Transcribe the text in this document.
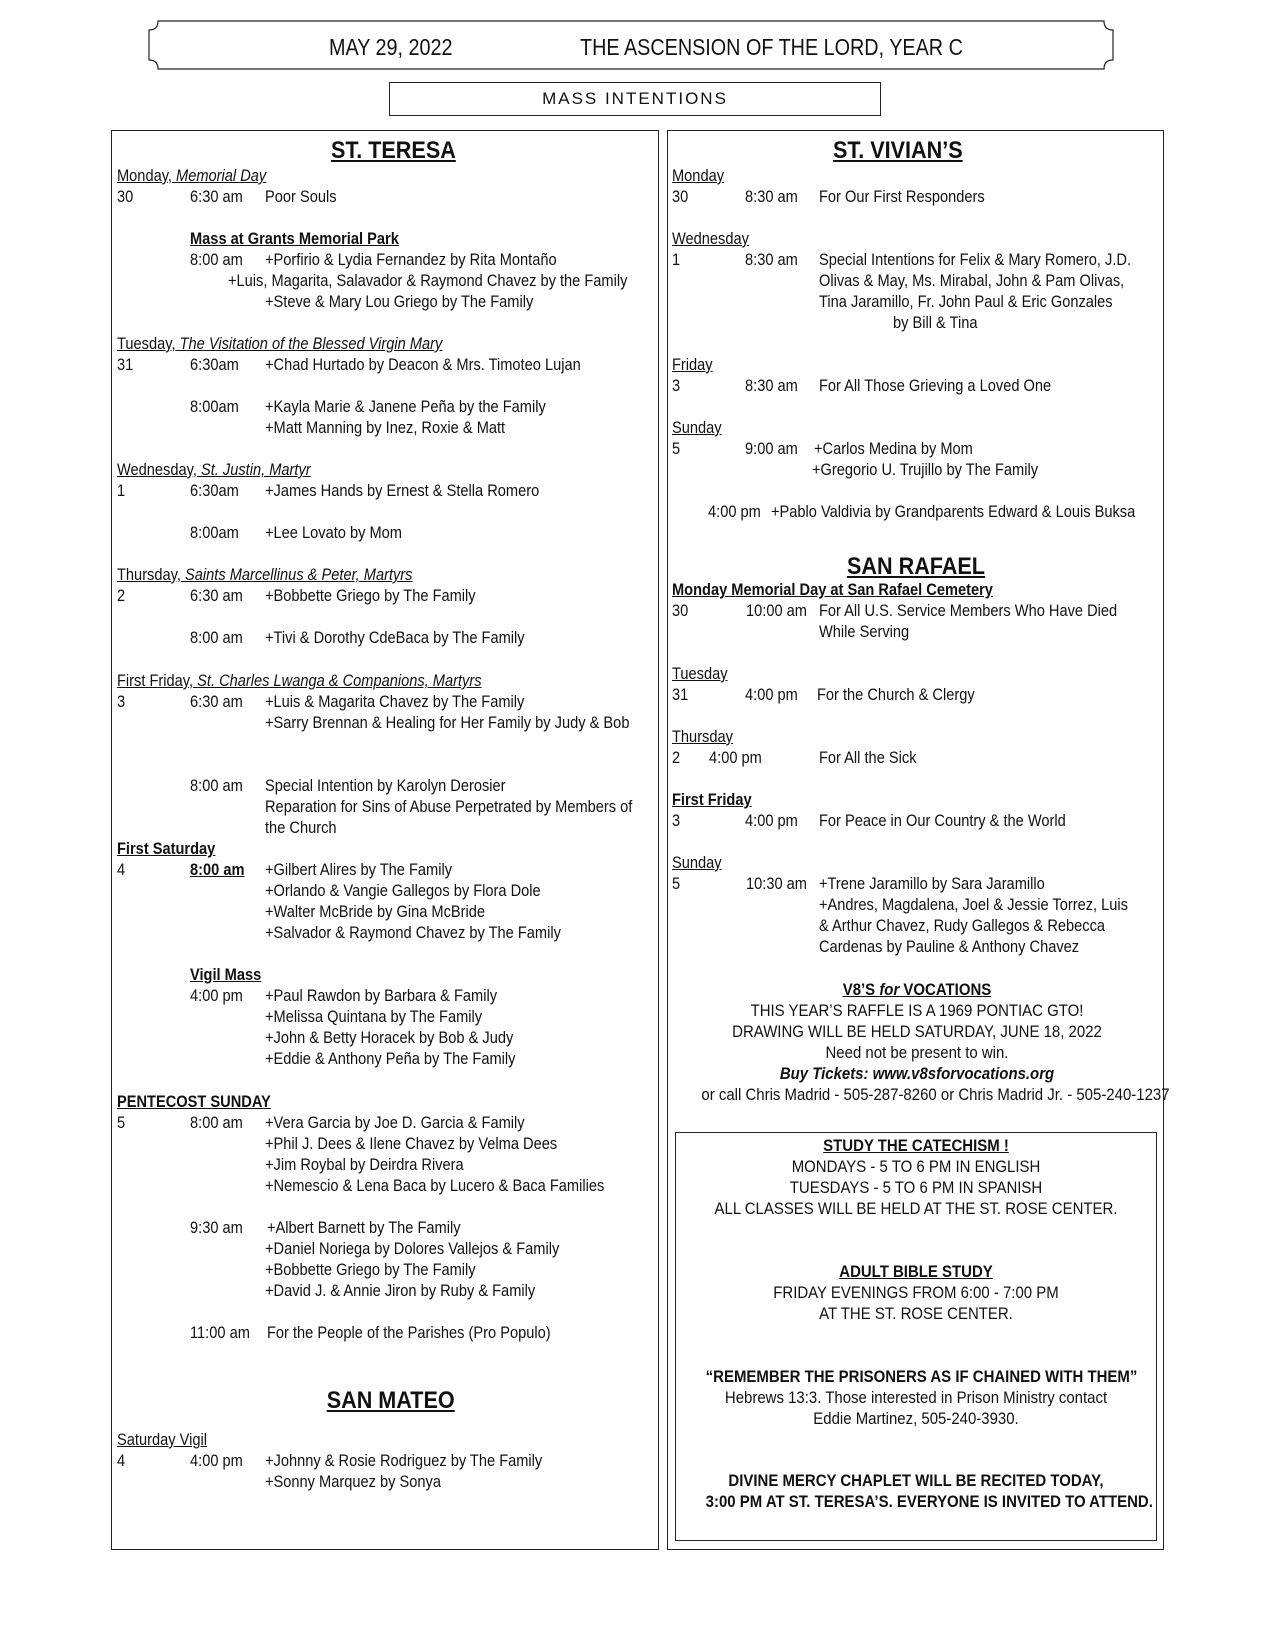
MAY 29, 2022	THE ASCENSION OF THE LORD, YEAR C
MASS INTENTIONS
ST. TERESA
Monday, Memorial Day
30	6:30 am Poor Souls
Mass at Grants Memorial Park
8:00 am +Porfirio & Lydia Fernandez by Rita Montaño
+Luis, Magarita, Salavador & Raymond Chavez by the Family
+Steve & Mary Lou Griego by The Family
Tuesday, The Visitation of the Blessed Virgin Mary
31	6:30am +Chad Hurtado by Deacon & Mrs. Timoteo Lujan
8:00am +Kayla Marie & Janene Peña by the Family
+Matt Manning by Inez, Roxie & Matt
Wednesday, St. Justin, Martyr
1	6:30am +James Hands by Ernest & Stella Romero
8:00am +Lee Lovato by Mom
Thursday, Saints Marcellinus & Peter, Martyrs
2	6:30 am +Bobbette Griego by The Family
8:00 am +Tivi & Dorothy CdeBaca by The Family
First Friday, St. Charles Lwanga & Companions, Martyrs
3	6:30 am +Luis & Magarita Chavez by The Family
+Sarry Brennan & Healing for Her Family by Judy & Bob
8:00 am Special Intention by Karolyn Derosier
Reparation for Sins of Abuse Perpetrated by Members of
the Church
First Saturday
4	8:00 am +Gilbert Alires by The Family
+Orlando & Vangie Gallegos by Flora Dole
+Walter McBride by Gina McBride
+Salvador & Raymond Chavez by The Family
Vigil Mass
4:00 pm +Paul Rawdon by Barbara & Family
+Melissa Quintana by The Family
+John & Betty Horacek by Bob & Judy
+Eddie & Anthony Peña by The Family
PENTECOST SUNDAY
5	8:00 am +Vera Garcia by Joe D. Garcia & Family
+Phil J. Dees & Ilene Chavez by Velma Dees
+Jim Roybal by Deirdra Rivera
+Nemescio & Lena Baca by Lucero & Baca Families
9:30 am +Albert Barnett by The Family
+Daniel Noriega by Dolores Vallejos & Family
+Bobbette Griego by The Family
+David J. & Annie Jiron by Ruby & Family
11:00 am For the People of the Parishes (Pro Populo)
SAN MATEO
Saturday Vigil
4	4:00 pm +Johnny & Rosie Rodriguez by The Family
+Sonny Marquez by Sonya
ST. VIVIAN’S
Monday
30	8:30 am For Our First Responders
Wednesday
1	8:30 am Special Intentions for Felix & Mary Romero, J.D.
Olivas & May, Ms. Mirabal, John & Pam Olivas,
Tina Jaramillo, Fr. John Paul & Eric Gonzales
by Bill & Tina
Friday
3	8:30 am For All Those Grieving a Loved One
Sunday
5	9:00 am +Carlos Medina by Mom
+Gregorio U. Trujillo by The Family
4:00 pm +Pablo Valdivia by Grandparents Edward & Louis Buksa
SAN RAFAEL
Monday Memorial Day at San Rafael Cemetery
30	10:00 am For All U.S. Service Members Who Have Died
While Serving
Tuesday
31	4:00 pm For the Church & Clergy
Thursday
2 4:00 pm	For All the Sick
First Friday
3	4:00 pm For Peace in Our Country & the World
Sunday
5	10:30 am +Trene Jaramillo by Sara Jaramillo
+Andres, Magdalena, Joel & Jessie Torrez, Luis
& Arthur Chavez, Rudy Gallegos & Rebecca
Cardenas by Pauline & Anthony Chavez
V8’S for VOCATIONS
THIS YEAR’S RAFFLE IS A 1969 PONTIAC GTO!
DRAWING WILL BE HELD SATURDAY, JUNE 18, 2022
Need not be present to win.
Buy Tickets: www.v8sforvocations.org
or call Chris Madrid - 505-287-8260 or Chris Madrid Jr. - 505-240-1237
STUDY THE CATECHISM !
MONDAYS - 5 TO 6 PM IN ENGLISH
TUESDAYS - 5 TO 6 PM IN SPANISH
ALL CLASSES WILL BE HELD AT THE ST. ROSE CENTER.
ADULT BIBLE STUDY
FRIDAY EVENINGS FROM 6:00 - 7:00 PM
AT THE ST. ROSE CENTER.
“REMEMBER THE PRISONERS AS IF CHAINED WITH THEM”
Hebrews 13:3. Those interested in Prison Ministry contact
Eddie Martinez, 505-240-3930.
DIVINE MERCY CHAPLET WILL BE RECITED TODAY,
3:00 PM AT ST. TERESA’S. EVERYONE IS INVITED TO ATTEND.
